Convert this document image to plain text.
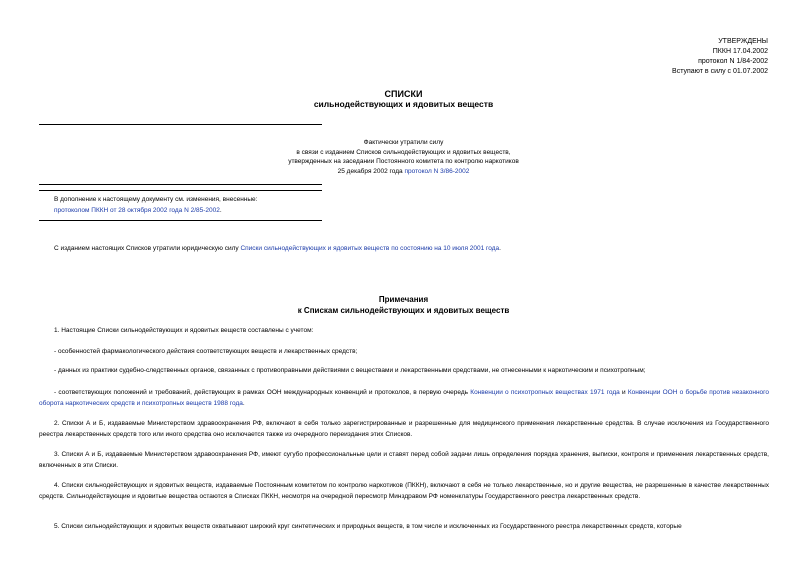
УТВЕРЖДЕНЫ
ПККН 17.04.2002
протокол N 1/84-2002
Вступают в силу с 01.07.2002
СПИСКИ
сильнодействующих и ядовитых веществ
Фактически утратили силу
в связи с изданием Списков сильнодействующих и ядовитых веществ,
утвержденных на заседании Постоянного комитета по контролю наркотиков
25 декабря 2002 года протокол N 3/86-2002
В дополнение к настоящему документу см. изменения, внесенные:
протоколом ПККН от 28 октября 2002 года N 2/85-2002.
С изданием настоящих Списков утратили юридическую силу Списки сильнодействующих и ядовитых веществ по состоянию на 10 июля 2001 года.
Примечания
к Спискам сильнодействующих и ядовитых веществ
1. Настоящие Списки сильнодействующих и ядовитых веществ составлены с учетом:
- особенностей фармакологического действия соответствующих веществ и лекарственных средств;
- данных из практики судебно-следственных органов, связанных с противоправными действиями с веществами и лекарственными средствами, не отнесенными к наркотическим и психотропным;
- соответствующих положений и требований, действующих в рамках ООН международных конвенций и протоколов, в первую очередь Конвенции о психотропных веществах 1971 года и Конвенции ООН о борьбе против незаконного оборота наркотических средств и психотропных веществ 1988 года.
2. Списки А и Б, издаваемые Министерством здравоохранения РФ, включают в себя только зарегистрированные и разрешенные для медицинского применения лекарственные средства. В случае исключения из Государственного реестра лекарственных средств того или иного средства оно исключается также из очередного переиздания этих Списков.
3. Списки А и Б, издаваемые Министерством здравоохранения РФ, имеют сугубо профессиональные цели и ставят перед собой задачи лишь определения порядка хранения, выписки, контроля и применения лекарственных средств, включенных в эти Списки.
4. Списки сильнодействующих и ядовитых веществ, издаваемые Постоянным комитетом по контролю наркотиков (ПККН), включают в себя не только лекарственные, но и другие вещества, не разрешенные в качестве лекарственных средств. Сильнодействующие и ядовитые вещества остаются в Списках ПККН, несмотря на очередной пересмотр Минздравом РФ номенклатуры Государственного реестра лекарственных средств.
5. Списки сильнодействующих и ядовитых веществ охватывают широкий круг синтетических и природных веществ, в том числе и исключенных из Государственного реестра лекарственных средств, которые
